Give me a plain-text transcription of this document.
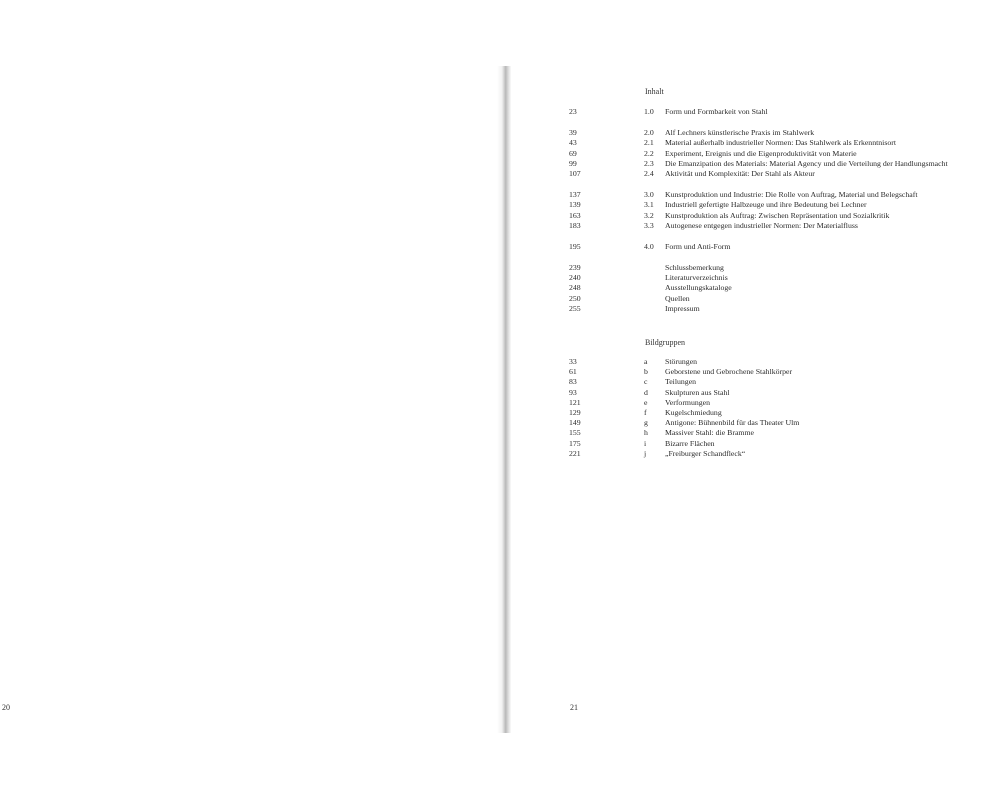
Inhalt
23	1.0 Form und Formbarkeit von Stahl
39	2.0 Alf Lechners künstlerische Praxis im Stahlwerk
43	2.1 Material außerhalb industrieller Normen: Das Stahlwerk als Erkenntnisort
69	2.2 Experiment, Ereignis und die Eigenproduktivität von Materie
99	2.3 Die Emanzipation des Materials: Material Agency und die Verteilung der Handlungsmacht
107	2.4 Aktivität und Komplexität: Der Stahl als Akteur
137	3.0 Kunstproduktion und Industrie: Die Rolle von Auftrag, Material und Belegschaft
139	3.1 Industriell gefertigte Halbzeuge und ihre Bedeutung bei Lechner
163	3.2 Kunstproduktion als Auftrag: Zwischen Repräsentation und Sozialkritik
183	3.3 Autogenese entgegen industrieller Normen: Der Materialfluss
195	4.0 Form und Anti-Form
239	Schlussbemerkung
240	Literaturverzeichnis
248	Ausstellungskataloge
250	Quellen
255	Impressum
Bildgruppen
33	a Störungen
61	b Geborstene und Gebrochene Stahlkörper
83	c Teilungen
93	d Skulpturen aus Stahl
121	e Verformungen
129	f Kugelschmiedung
149	g Antigone: Bühnenbild für das Theater Ulm
155	h Massiver Stahl: die Bramme
175	i Bizarre Flächen
221	j „Freiburger Schandfleck“
20	21
